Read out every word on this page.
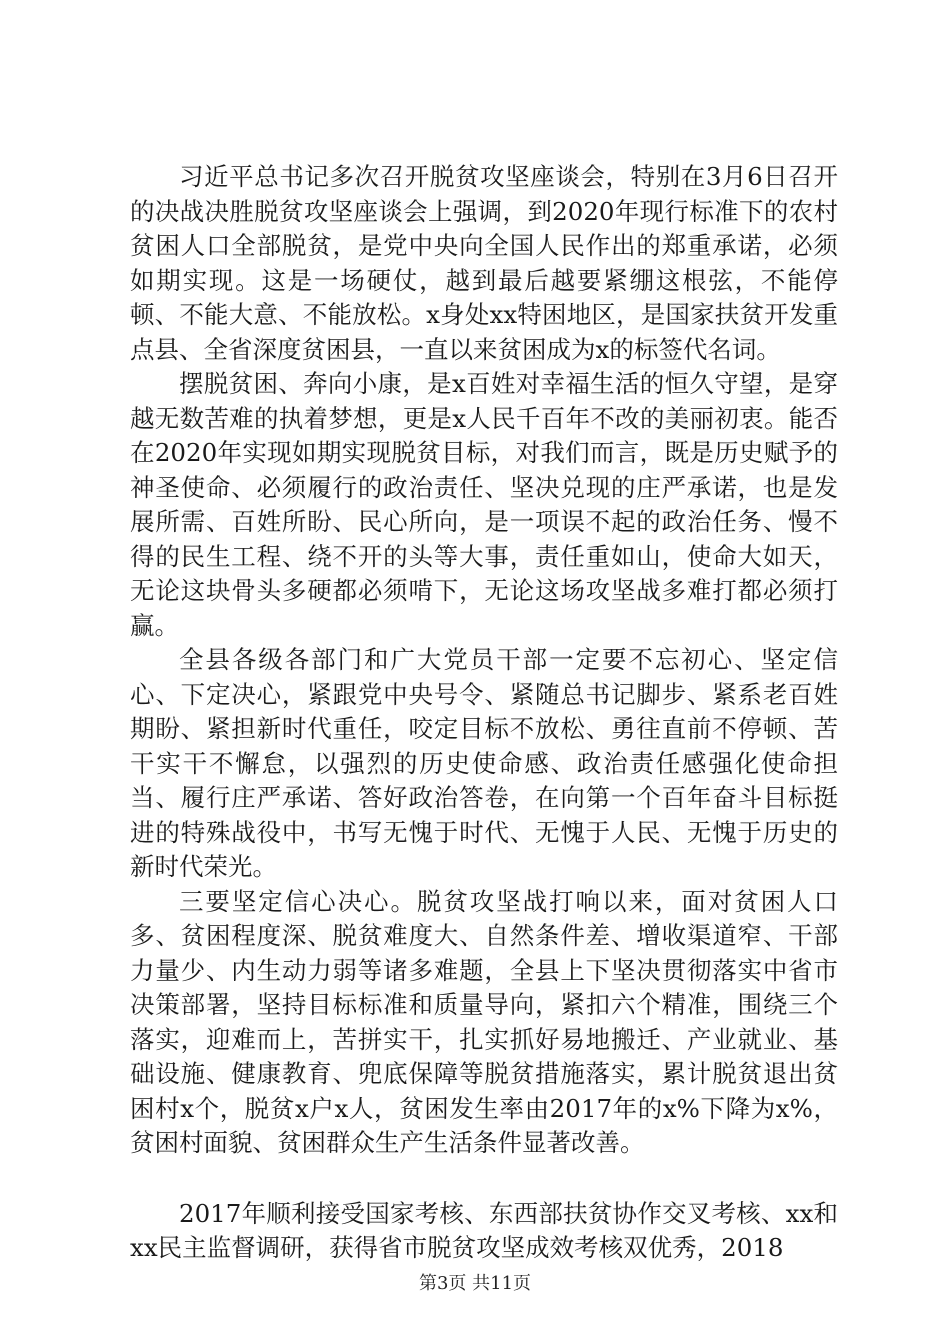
习近平总书记多次召开脱贫攻坚座谈会，特别在3月6日召开的决战决胜脱贫攻坚座谈会上强调，到2020年现行标准下的农村贫困人口全部脱贫，是党中央向全国人民作出的郑重承诺，必须如期实现。这是一场硬仗，越到最后越要紧绷这根弦，不能停顿、不能大意、不能放松。x身处xx特困地区，是国家扶贫开发重点县、全省深度贫困县，一直以来贫困成为x的标签代名词。

摆脱贫困、奔向小康，是x百姓对幸福生活的恒久守望，是穿越无数苦难的执着梦想，更是x人民千百年不改的美丽初衷。能否在2020年实现如期实现脱贫目标，对我们而言，既是历史赋予的神圣使命、必须履行的政治责任、坚决兑现的庄严承诺，也是发展所需、百姓所盼、民心所向，是一项误不起的政治任务、慢不得的民生工程、绕不开的头等大事，责任重如山，使命大如天，无论这块骨头多硬都必须啃下，无论这场攻坚战多难打都必须打赢。

全县各级各部门和广大党员干部一定要不忘初心、坚定信心、下定决心，紧跟党中央号令、紧随总书记脚步、紧系老百姓期盼、紧担新时代重任，咬定目标不放松、勇往直前不停顿、苦干实干不懈怠，以强烈的历史使命感、政治责任感强化使命担当、履行庄严承诺、答好政治答卷，在向第一个百年奋斗目标挺进的特殊战役中，书写无愧于时代、无愧于人民、无愧于历史的新时代荣光。

三要坚定信心决心。脱贫攻坚战打响以来，面对贫困人口多、贫困程度深、脱贫难度大、自然条件差、增收渠道窄、干部力量少、内生动力弱等诸多难题，全县上下坚决贯彻落实中省市决策部署，坚持目标标准和质量导向，紧扣六个精准，围绕三个落实，迎难而上，苦拼实干，扎实抓好易地搬迁、产业就业、基础设施、健康教育、兜底保障等脱贫措施落实，累计脱贫退出贫困村x个，脱贫x户x人，贫困发生率由2017年的x%下降为x%，贫困村面貌、贫困群众生产生活条件显著改善。

2017年顺利接受国家考核、东西部扶贫协作交叉考核、xx和xx民主监督调研，获得省市脱贫攻坚成效考核双优秀，2018

第3页 共11页
